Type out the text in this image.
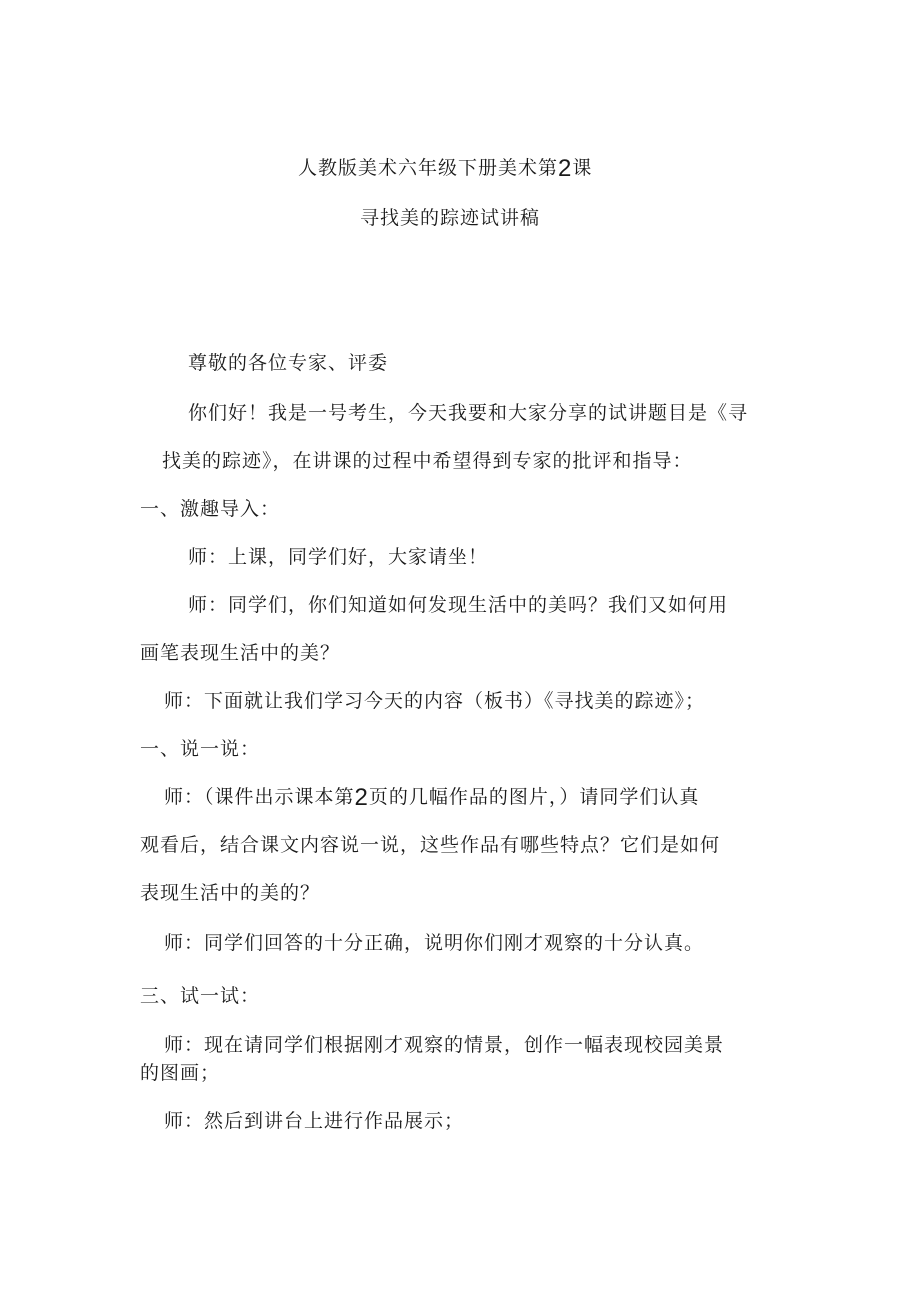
人教版美术六年级下册美术第2课
寻找美的踪迹试讲稿
尊敬的各位专家、评委
你们好！我是一号考生，今天我要和大家分享的试讲题目是《寻
找美的踪迹》，在讲课的过程中希望得到专家的批评和指导：
一、激趣导入：
师：上课，同学们好，大家请坐！
师：同学们，你们知道如何发现生活中的美吗？我们又如何用
画笔表现生活中的美？
师：下面就让我们学习今天的内容（板书）《寻找美的踪迹》；
一、说一说：
师：（课件出示课本第2页的几幅作品的图片，）请同学们认真
观看后，结合课文内容说一说，这些作品有哪些特点？它们是如何
表现生活中的美的？
师：同学们回答的十分正确，说明你们刚才观察的十分认真。
三、试一试：
师：现在请同学们根据刚才观察的情景，创作一幅表现校园美景
的图画；
师：然后到讲台上进行作品展示；
